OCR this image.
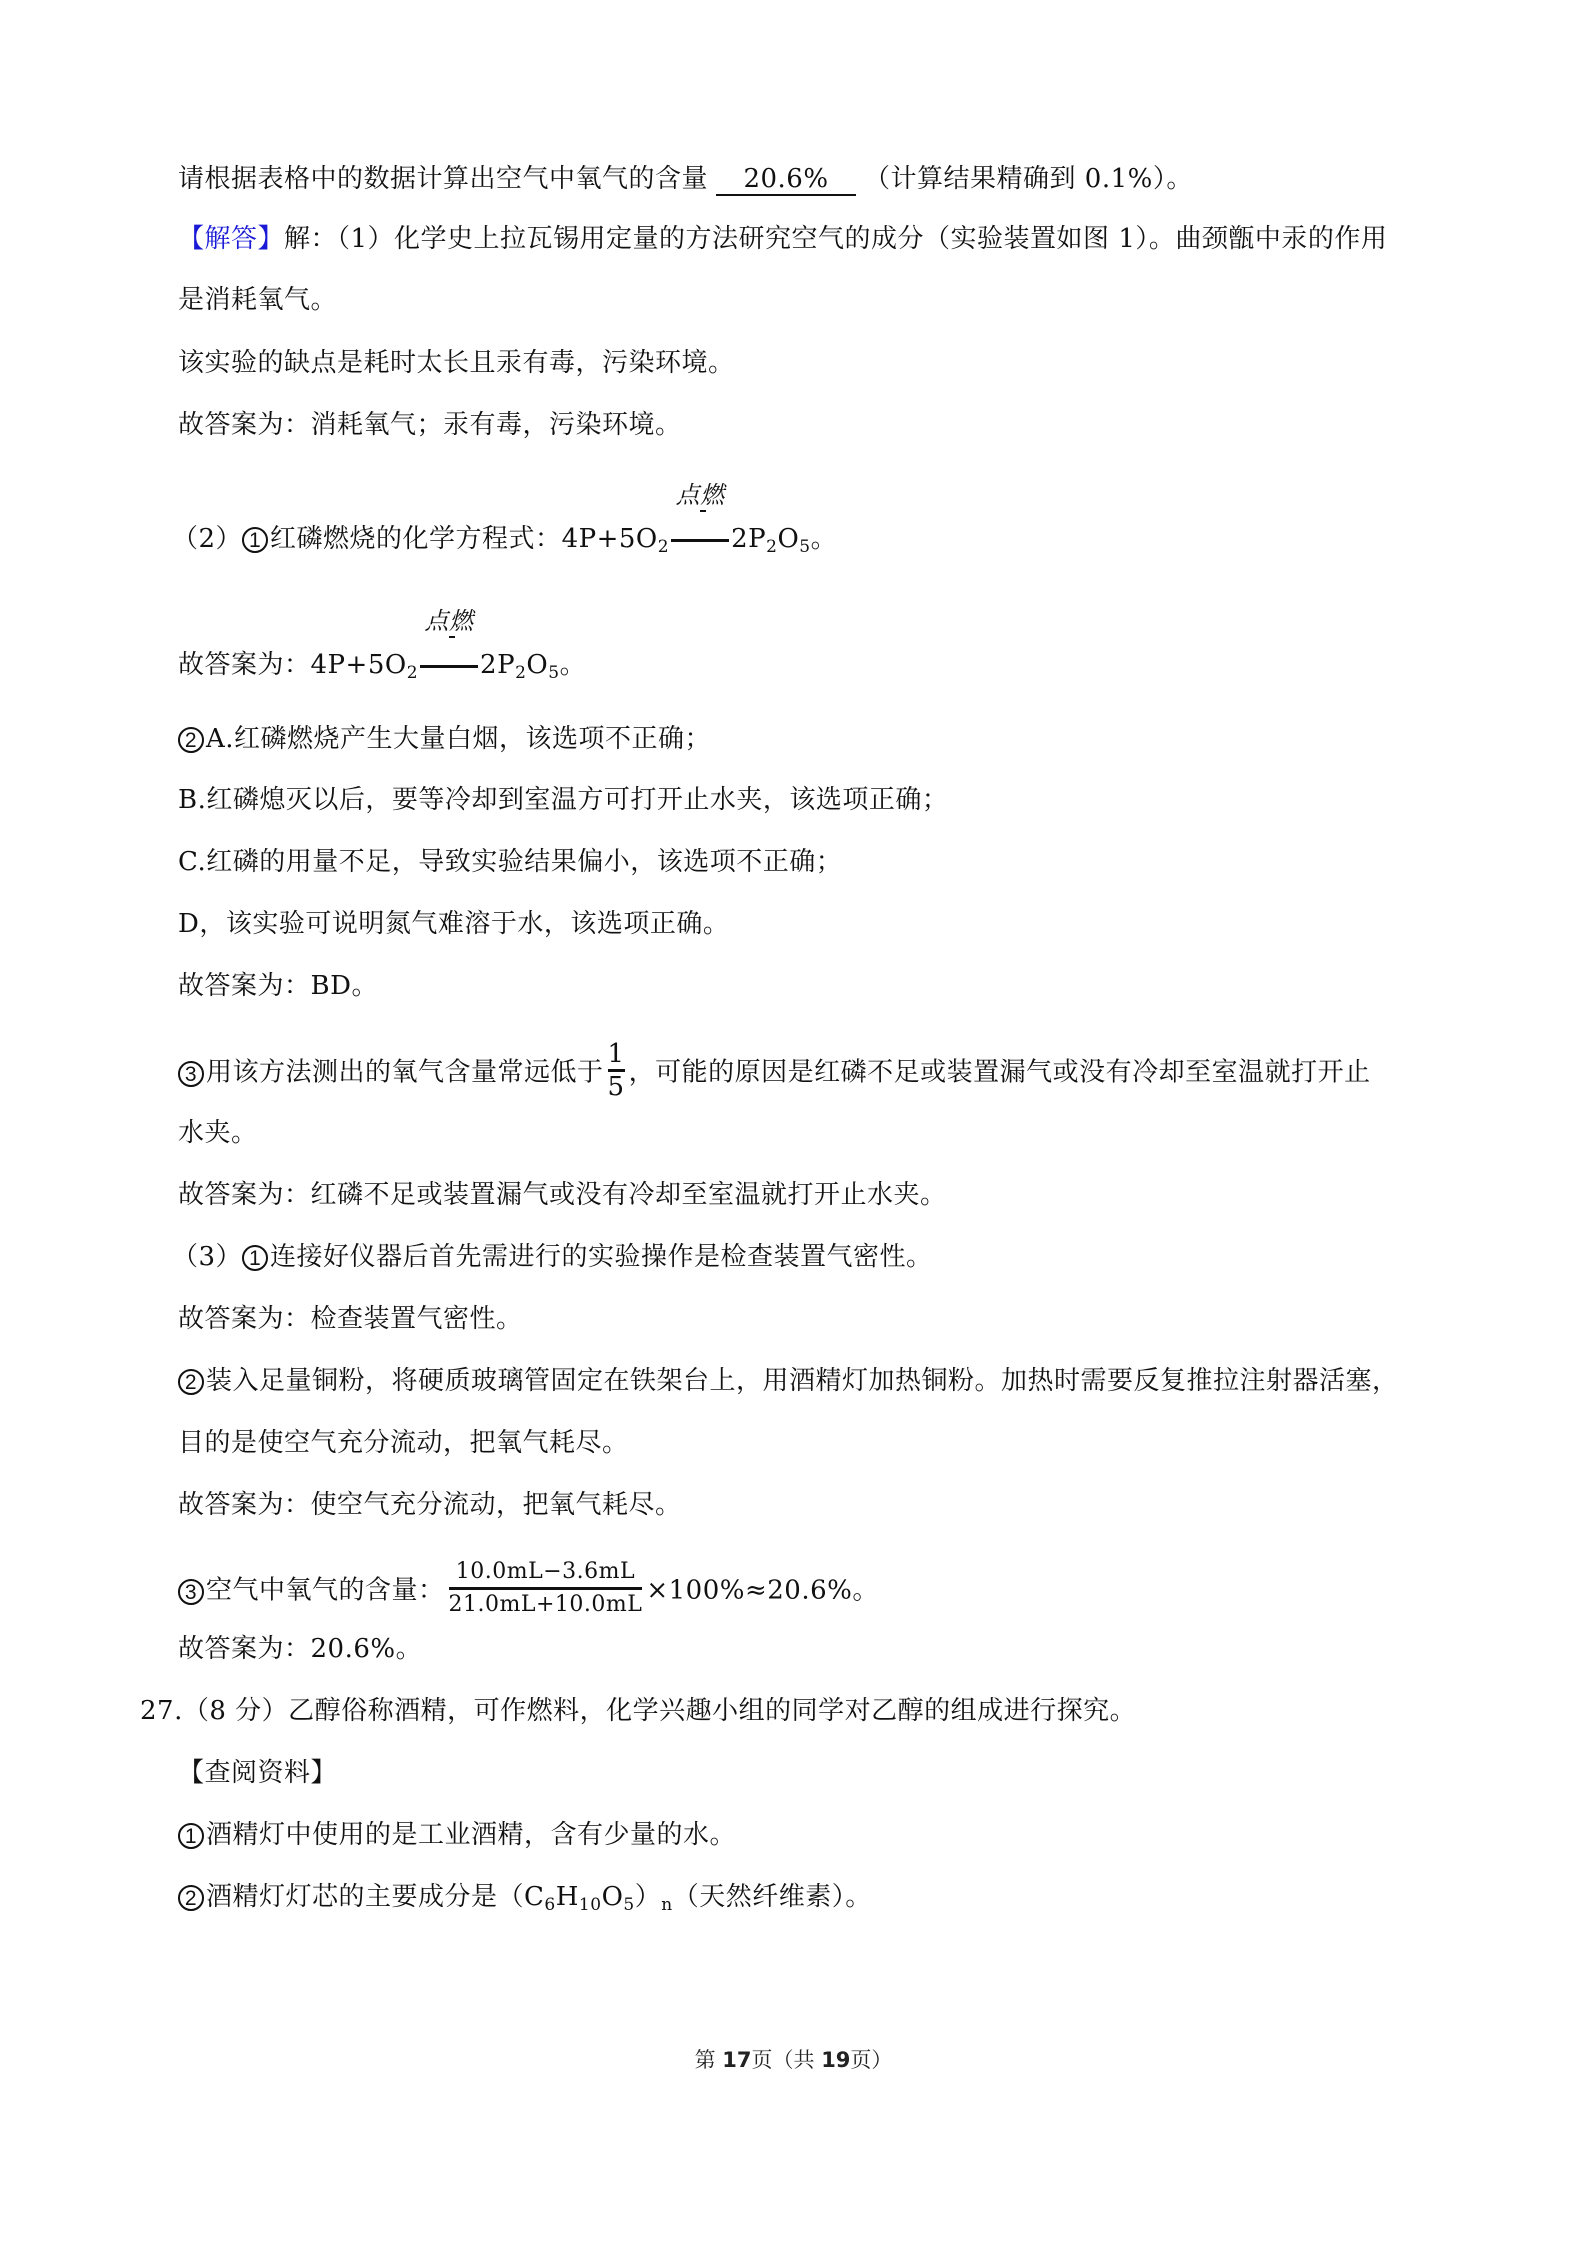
请根据表格中的数据计算出空气中氧气的含量 20.6% （计算结果精确到 0.1%）。
【解答】解：（1）化学史上拉瓦锡用定量的方法研究空气的成分（实验装置如图 1）。曲颈甑中汞的作用
是消耗氧气。
该实验的缺点是耗时太长且汞有毒，污染环境。
故答案为：消耗氧气；汞有毒，污染环境。
（2） 1 红磷燃烧的化学方程式：$4P+5O_2$
点燃
$2P_2O_5$。
故答案为：$4P+5O_2$
点燃
$2P_2O_5$。
2 A.红磷燃烧产生大量白烟，该选项不正确；
B.红磷熄灭以后，要等冷却到室温方可打开止水夹，该选项正确；
C.红磷的用量不足，导致实验结果偏小，该选项不正确；
D，该实验可说明氮气难溶于水，该选项正确。
故答案为：BD。
3 用该方法测出的氧气含量常远低于 $\frac{1}{5}$ ，可能的原因是红磷不足或装置漏气或没有冷却至室温就打开止
水夹。
故答案为：红磷不足或装置漏气或没有冷却至室温就打开止水夹。
（3） 1 连接好仪器后首先需进行的实验操作是检查装置气密性。
故答案为：检查装置气密性。
2 装入足量铜粉，将硬质玻璃管固定在铁架台上，用酒精灯加热铜粉。加热时需要反复推拉注射器活塞，
目的是使空气充分流动，把氧气耗尽。
故答案为：使空气充分流动，把氧气耗尽。
3 空气中氧气的含量： $\frac{10.0mL-3.6mL}{21.0mL+10.0mL} \times 100\%\approx 20.6\%$。
故答案为：20.6%。
27.（8 分）乙醇俗称酒精，可作燃料，化学兴趣小组的同学对乙醇的组成进行探究。
【查阅资料】
1 酒精灯中使用的是工业酒精，含有少量的水。
2 酒精灯灯芯的主要成分是$(C_6H_{10}O_5)_n$（天然纤维素）。
第 17页（共 19页）
